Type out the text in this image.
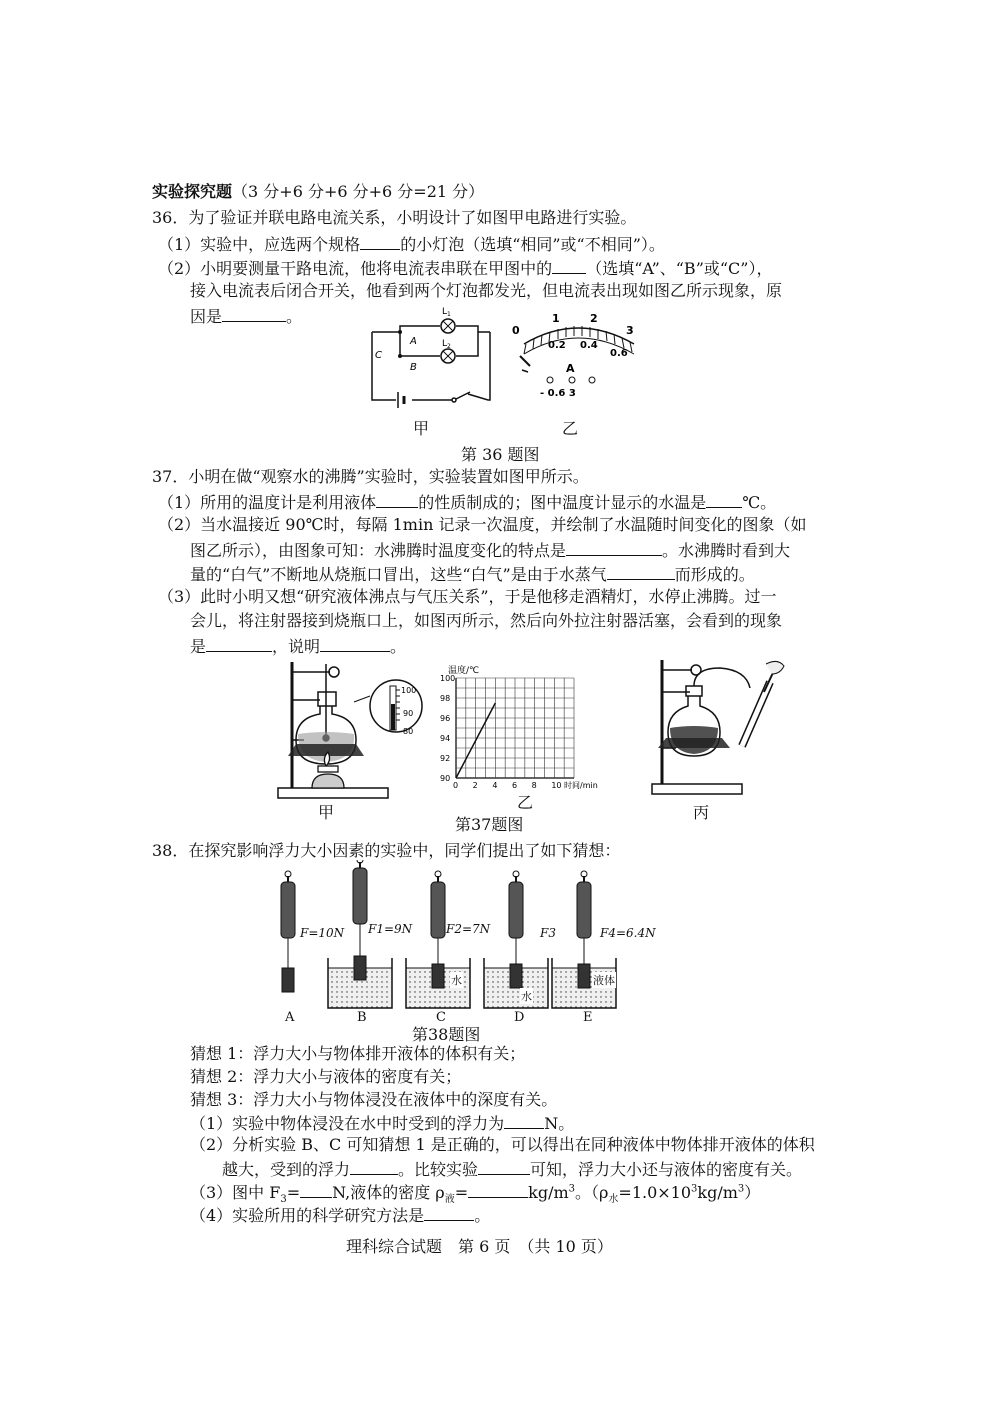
实验探究题（3 分+6 分+6 分+6 分=21 分）
36．为了验证并联电路电流关系，小明设计了如图甲电路进行实验。
（1）实验中，应选两个规格	的小灯泡（选填“相同”或“不相同”）。
（2）小明要测量干路电流，他将电流表串联在甲图中的 （选填“A”、“B”或“C”），
接入电流表后闭合开关，他看到两个灯泡都发光，但电流表出现如图乙所示现象，原
因是	。
A
B
C
$L_1$
$L_2$
0
1	2
3
0.2 0.4
0.6
A
- 0.6 3
甲	乙
第 36 题图
37．小明在做“观察水的沸腾”实验时，实验装置如图甲所示。
（1）所用的温度计是利用液体	的性质制成的；图中温度计显示的水温是 ℃。
（2）当水温接近 90℃时，每隔 1min 记录一次温度，并绘制了水温随时间变化的图象（如
图乙所示），由图象可知：水沸腾时温度变化的特点是	。水沸腾时看到大
量的“白气”不断地从烧瓶口冒出，这些“白气”是由于水蒸气	而形成的。
（3）此时小明又想“研究液体沸点与气压关系”，于是他移走酒精灯，水停止沸腾。过一
会儿，将注射器接到烧瓶口上，如图丙所示，然后向外拉注射器活塞，会看到的现象
是	，说明	。
100
90
80
90
92
94
96
98
100
0 2 4 6 8 10
温度/℃
时间/min
甲
乙
丙
第37题图
38．在探究影响浮力大小因素的实验中，同学们提出了如下猜想：
F=10N F1=9N	F2=7N	F3	F4=6.4N
A	B	C	D	E
水
水
液体
第38题图
猜想 1：浮力大小与物体排开液体的体积有关；
猜想 2：浮力大小与液体的密度有关；
猜想 3：浮力大小与物体浸没在液体中的深度有关。
（1）实验中物体浸没在水中时受到的浮力为	N。
（2）分析实验 B、C 可知猜想 1 是正确的，可以得出在同种液体中物体排开液体的体积
越大，受到的浮力	。比较实验	可知，浮力大小还与液体的密度有关。
（3）图中 $F_3= N$,液体的密度 $\rho_液=$	$kg/m^3$。$(\rho_水=1.0\times 10^3kg/m^3)$
（4）实验所用的科学研究方法是	。
理科综合试题　第 6 页　（共 10 页）
